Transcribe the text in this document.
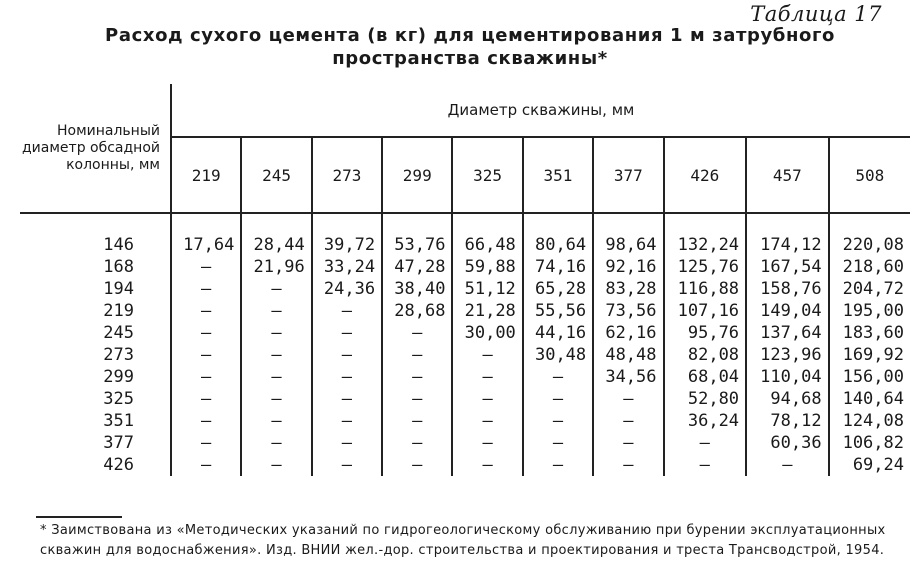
Таблица 17
Расход сухого цемента (в кг) для цементирования 1 м затрубного пространства скважины*
Номинальный диаметр обсадной колонны, мм	Диаметр скважины, мм									
	219	245	273	299	325	351	377	426	457	508
146	17,64	28,44	39,72	53,76	66,48	80,64	98,64	132,24	174,12	220,08
168	—	21,96	33,24	47,28	59,88	74,16	92,16	125,76	167,54	218,60
194	—	—	24,36	38,40	51,12	65,28	83,28	116,88	158,76	204,72
219	—	—	—	28,68	21,28	55,56	73,56	107,16	149,04	195,00
245	—	—	—	—	30,00	44,16	62,16	95,76	137,64	183,60
273	—	—	—	—	—	30,48	48,48	82,08	123,96	169,92
299	—	—	—	—	—	—	34,56	68,04	110,04	156,00
325	—	—	—	—	—	—	—	52,80	94,68	140,64
351	—	—	—	—	—	—	—	36,24	78,12	124,08
377	—	—	—	—	—	—	—	—	60,36	106,82
426	—	—	—	—	—	—	—	—	—	69,24
* Заимствована из «Методических указаний по гидрогеологическому обслуживанию при бурении эксплуатационных скважин для водоснабжения». Изд. ВНИИ жел.-дор. строительства и проектирования и треста Трансводстрой, 1954.
